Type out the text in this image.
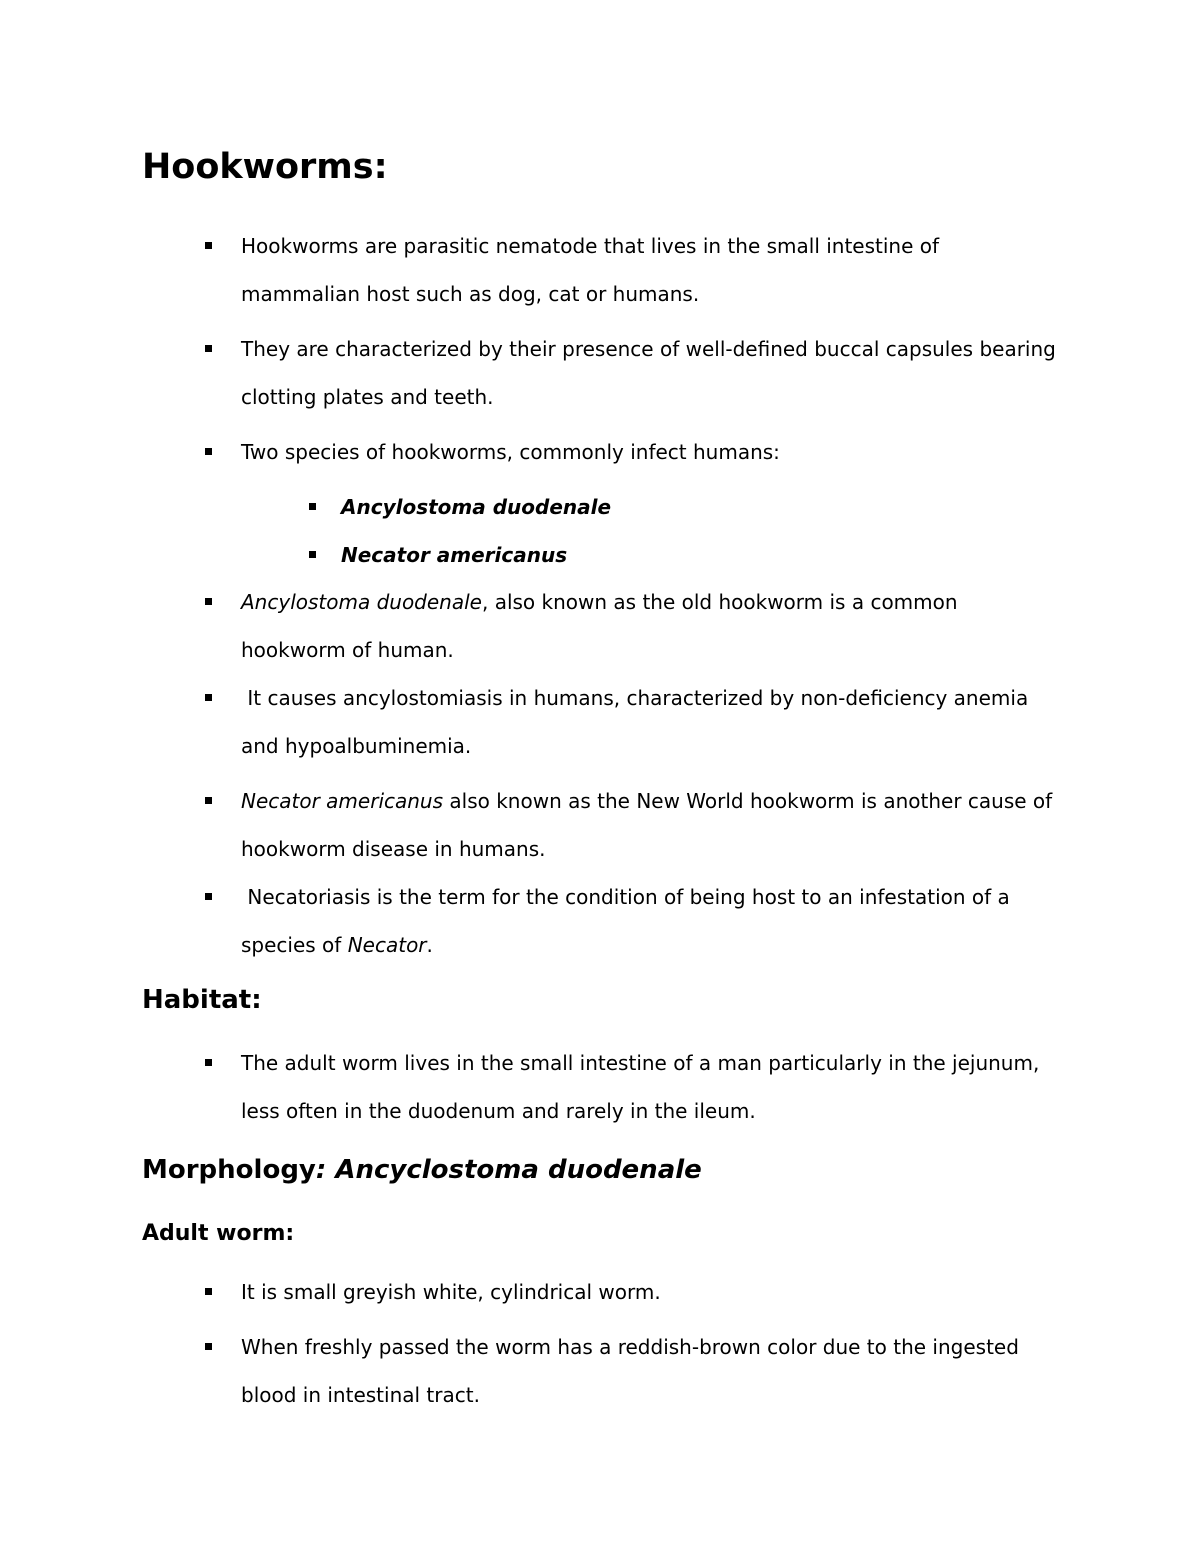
Hookworms:
Hookworms are parasitic nematode that lives in the small intestine of mammalian host such as dog, cat or humans.
They are characterized by their presence of well-defined buccal capsules bearing clotting plates and teeth.
Two species of hookworms, commonly infect humans:
Ancylostoma duodenale
Necator americanus
Ancylostoma duodenale, also known as the old hookworm is a common hookworm of human.
It causes ancylostomiasis in humans, characterized by non-deficiency anemia and hypoalbuminemia.
Necator americanus also known as the New World hookworm is another cause of hookworm disease in humans.
Necatoriasis is the term for the condition of being host to an infestation of a species of Necator.
Habitat:
The adult worm lives in the small intestine of a man particularly in the jejunum, less often in the duodenum and rarely in the ileum.
Morphology: Ancyclostoma duodenale
Adult worm:
It is small greyish white, cylindrical worm.
When freshly passed the worm has a reddish-brown color due to the ingested blood in intestinal tract.
